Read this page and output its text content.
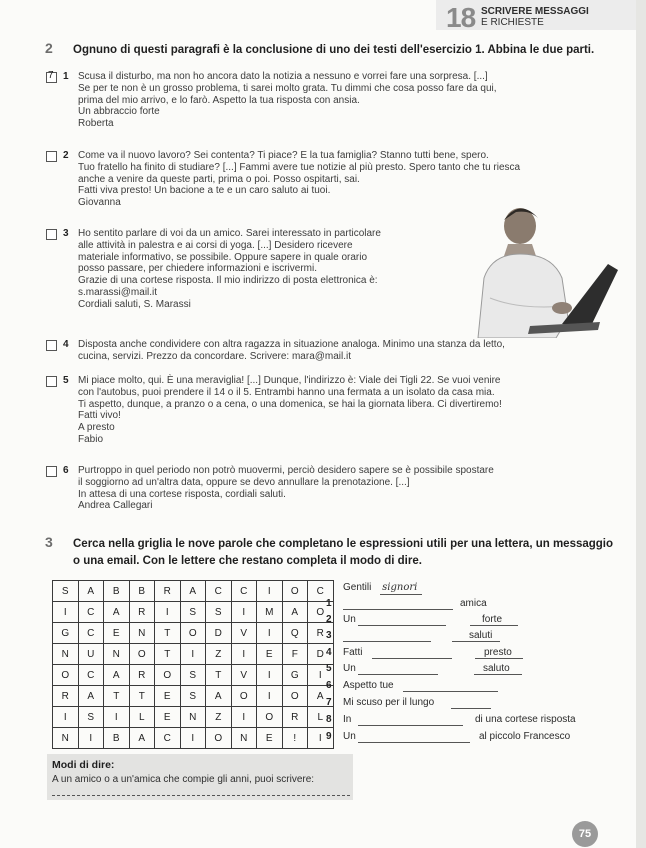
18 SCRIVERE MESSAGGI
E RICHIESTE
2 Ognuno di questi paragrafi è la conclusione di uno dei testi dell'esercizio 1. Abbina le due parti.
7 1 Scusa il disturbo, ma non ho ancora dato la notizia a nessuno e vorrei fare una sorpresa. [...]
Se per te non è un grosso problema, ti sarei molto grata. Tu dimmi che cosa posso fare da qui,
prima del mio arrivo, e lo farò. Aspetto la tua risposta con ansia.
Un abbraccio forte
Roberta
2 Come va il nuovo lavoro? Sei contenta? Ti piace? E la tua famiglia? Stanno tutti bene, spero.
Tuo fratello ha finito di studiare? [...] Fammi avere tue notizie al più presto. Spero tanto che tu riesca
anche a venire da queste parti, prima o poi. Posso ospitarti, sai.
Fatti viva presto! Un bacione a te e un caro saluto ai tuoi.
Giovanna
3 Ho sentito parlare di voi da un amico. Sarei interessato in particolare
alle attività in palestra e ai corsi di yoga. [...] Desidero ricevere
materiale informativo, se possibile. Oppure sapere in quale orario
posso passare, per chiedere informazioni e iscrivermi.
Grazie di una cortese risposta. Il mio indirizzo di posta elettronica è:
s.marassi@mail.it
Cordiali saluti, S. Marassi
4 Disposta anche condividere con altra ragazza in situazione analoga. Minimo una stanza da letto,
cucina, servizi. Prezzo da concordare. Scrivere: mara@mail.it
5 Mi piace molto, qui. È una meraviglia! [...] Dunque, l'indirizzo è: Viale dei Tigli 22. Se vuoi venire
con l'autobus, puoi prendere il 14 o il 5. Entrambi hanno una fermata a un isolato da casa mia.
Ti aspetto, dunque, a pranzo o a cena, o una domenica, se hai la giornata libera. Ci divertiremo!
Fatti vivo!
A presto
Fabio
6 Purtroppo in quel periodo non potrò muovermi, perciò desidero sapere se è possibile spostare
il soggiorno ad un'altra data, oppure se devo annullare la prenotazione. [...]
In attesa di una cortese risposta, cordiali saluti.
Andrea Callegari
3 Cerca nella griglia le nove parole che completano le espressioni utili per una lettera, un messaggio
o una email. Con le lettere che restano completa il modo di dire.
S	A	B	B	R	A	C	C	I	O	C
I	C	A	R	I	S	S	I	M	A	O
G	C	E	N	T	O	D	V	I	Q	R
N	U	N	O	T	I	Z	I	E	F	D
O	C	A	R	O	S	T	V	I	G	I
R	A	T	T	E	S	A	O	I	O	A
I	S	I	L	E	N	Z	I	O	R	L
N	I	B	A	C	I	O	N	E	!	I
Gentili signori
1	amica
2 Un	forte
3	saluti
4 Fatti	presto
5 Un	saluto
6 Aspetto tue
7 Mi scuso per il lungo
8 In	di una cortese risposta
9 Un	al piccolo Francesco
Modi di dire:
A un amico o a un'amica che compie gli anni, puoi scrivere:
75
